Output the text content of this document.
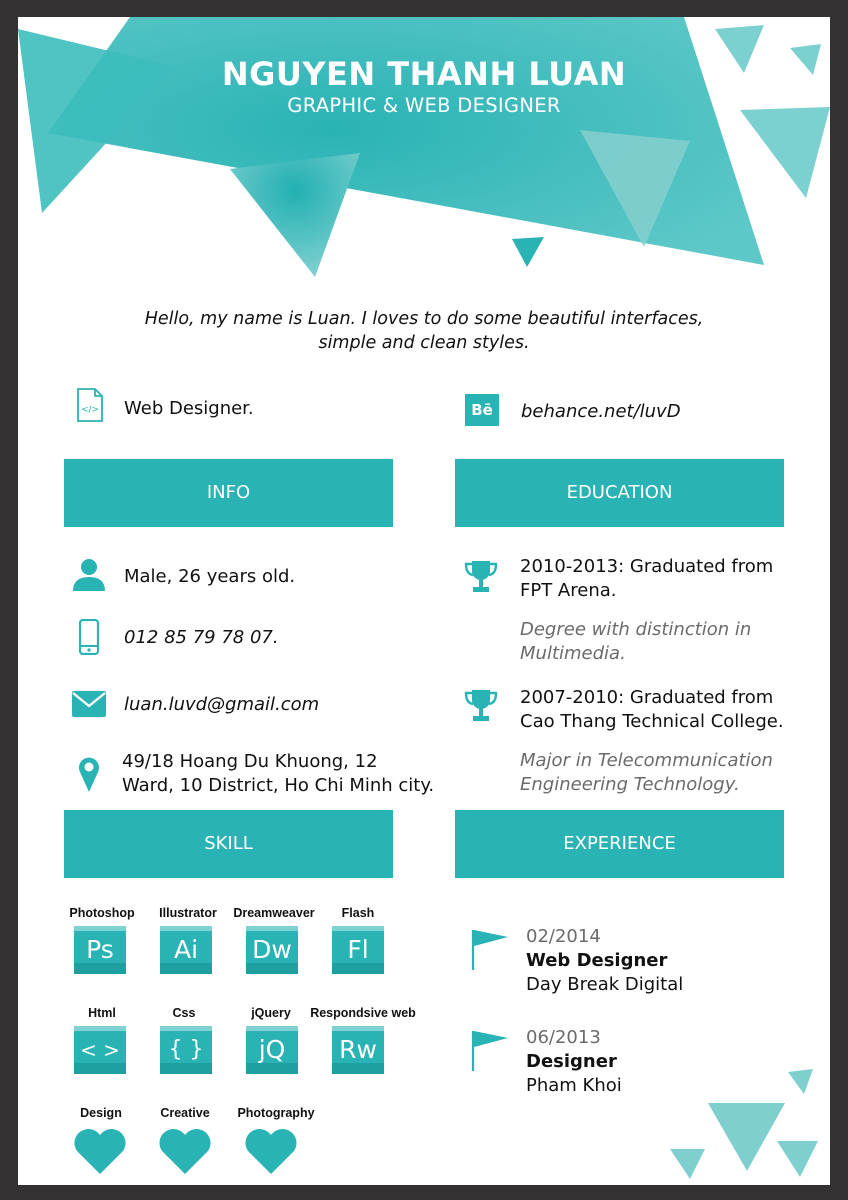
NGUYEN THANH LUAN
GRAPHIC & WEB DESIGNER
Hello, my name is Luan. I loves to do some beautiful interfaces,
simple and clean styles.
</> Web Designer.	Bē	behance.net/luvD
INFO	EDUCATION
Male, 26 years old.
012 85 79 78 07.
luan.luvd@gmail.com
49/18 Hoang Du Khuong, 12
Ward, 10 District, Ho Chi Minh city.
2010-2013: Graduated from
FPT Arena.
Degree with distinction in
Multimedia.
2007-2010: Graduated from
Cao Thang Technical College.
Major in Telecommunication
Engineering Technology.
SKILL	EXPERIENCE
Photoshop	Illustrator	Dreamweaver	Flash
Ps	Ai	Dw	Fl
Html	Css	jQuery	Respondsive web
< >	{ }	jQ	Rw
Design	Creative	Photography
02/2014
Web Designer
Day Break Digital
06/2013
Designer
Pham Khoi
